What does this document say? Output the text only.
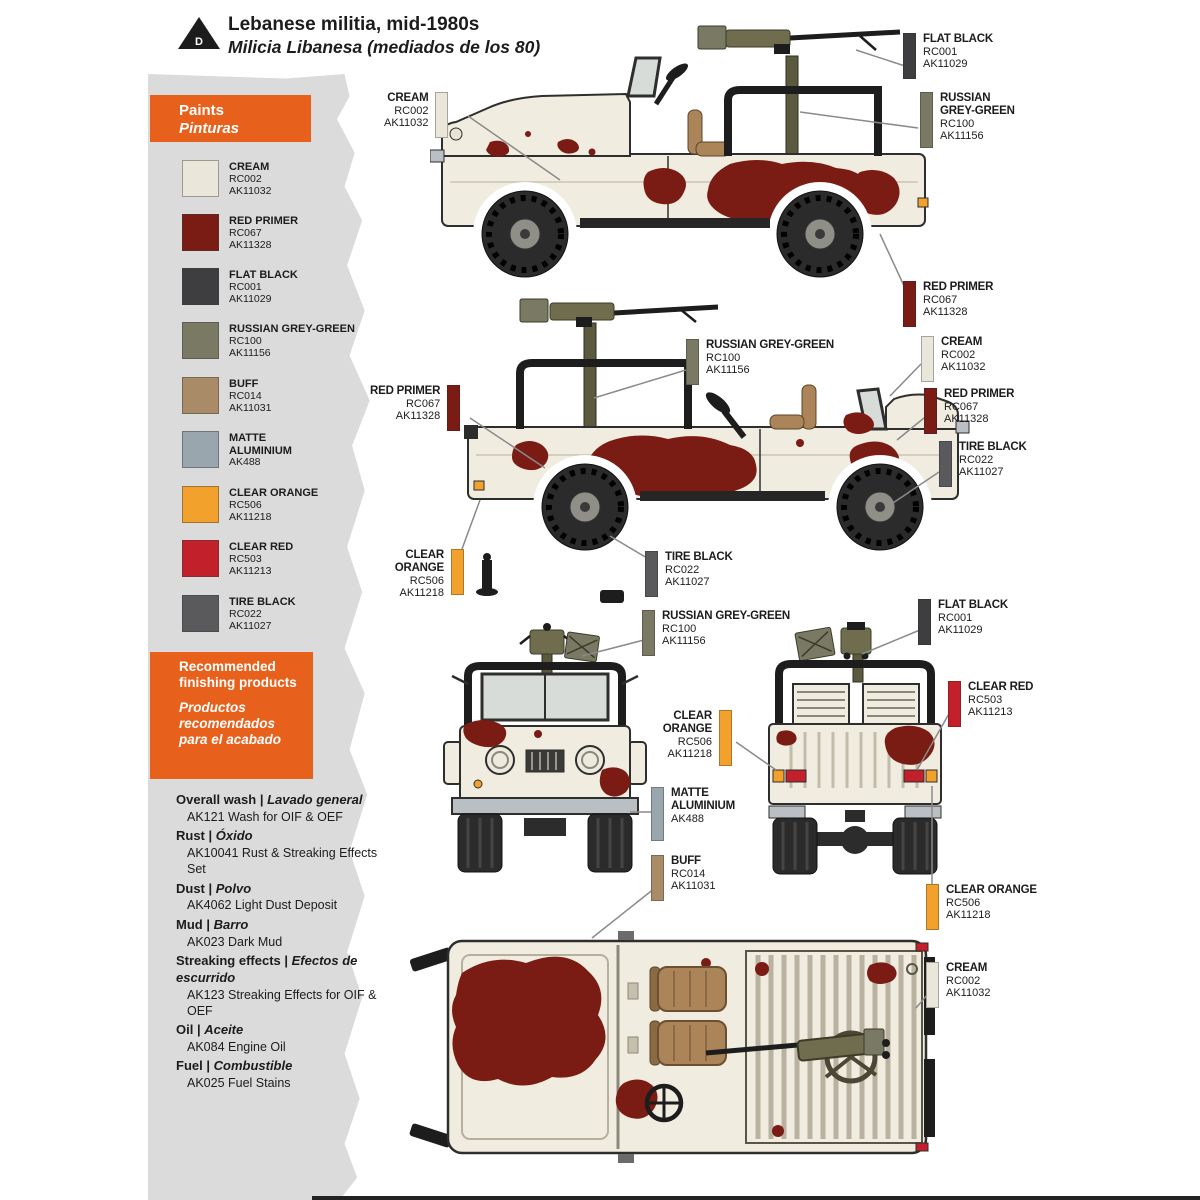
D
Lebanese militia, mid-1980s
Milicia Libanesa (mediados de los 80)
Paints
Pinturas
CREAM
RC002
AK11032
RED PRIMER
RC067
AK11328
FLAT BLACK
RC001
AK11029
RUSSIAN GREY-GREEN
RC100
AK11156
BUFF
RC014
AK11031
MATTE ALUMINIUM
AK488
CLEAR ORANGE
RC506
AK11218
CLEAR RED
RC503
AK11213
TIRE BLACK
RC022
AK11027
Recommended finishing products
Productos recomendados para el acabado
Overall wash | Lavado general
AK121 Wash for OIF & OEF
Rust | Óxido
AK10041 Rust & Streaking Effects Set
Dust | Polvo
AK4062 Light Dust Deposit
Mud | Barro
AK023 Dark Mud
Streaking effects | Efectos de escurrido
AK123 Streaking Effects for OIF & OEF
Oil | Aceite
AK084 Engine Oil
Fuel | Combustible
AK025 Fuel Stains
CREAM
RC002
AK11032
FLAT BLACK
RC001
AK11029
RUSSIAN GREY-GREEN
RC100
AK11156
RED PRIMER
RC067
AK11328
RUSSIAN GREY-GREEN
RC100
AK11156
RED PRIMER
RC067
AK11328
CREAM
RC002
AK11032
RED PRIMER
RC067
AK11328
TIRE BLACK
RC022
AK11027
CLEAR ORANGE
RC506
AK11218
TIRE BLACK
RC022
AK11027
RUSSIAN GREY-GREEN
RC100
AK11156
FLAT BLACK
RC001
AK11029
CLEAR RED
RC503
AK11213
CLEAR ORANGE
RC506
AK11218
MATTE ALUMINIUM
AK488
BUFF
RC014
AK11031	CLEAR ORANGE
RC506
AK11218
CREAM
RC002
AK11032
